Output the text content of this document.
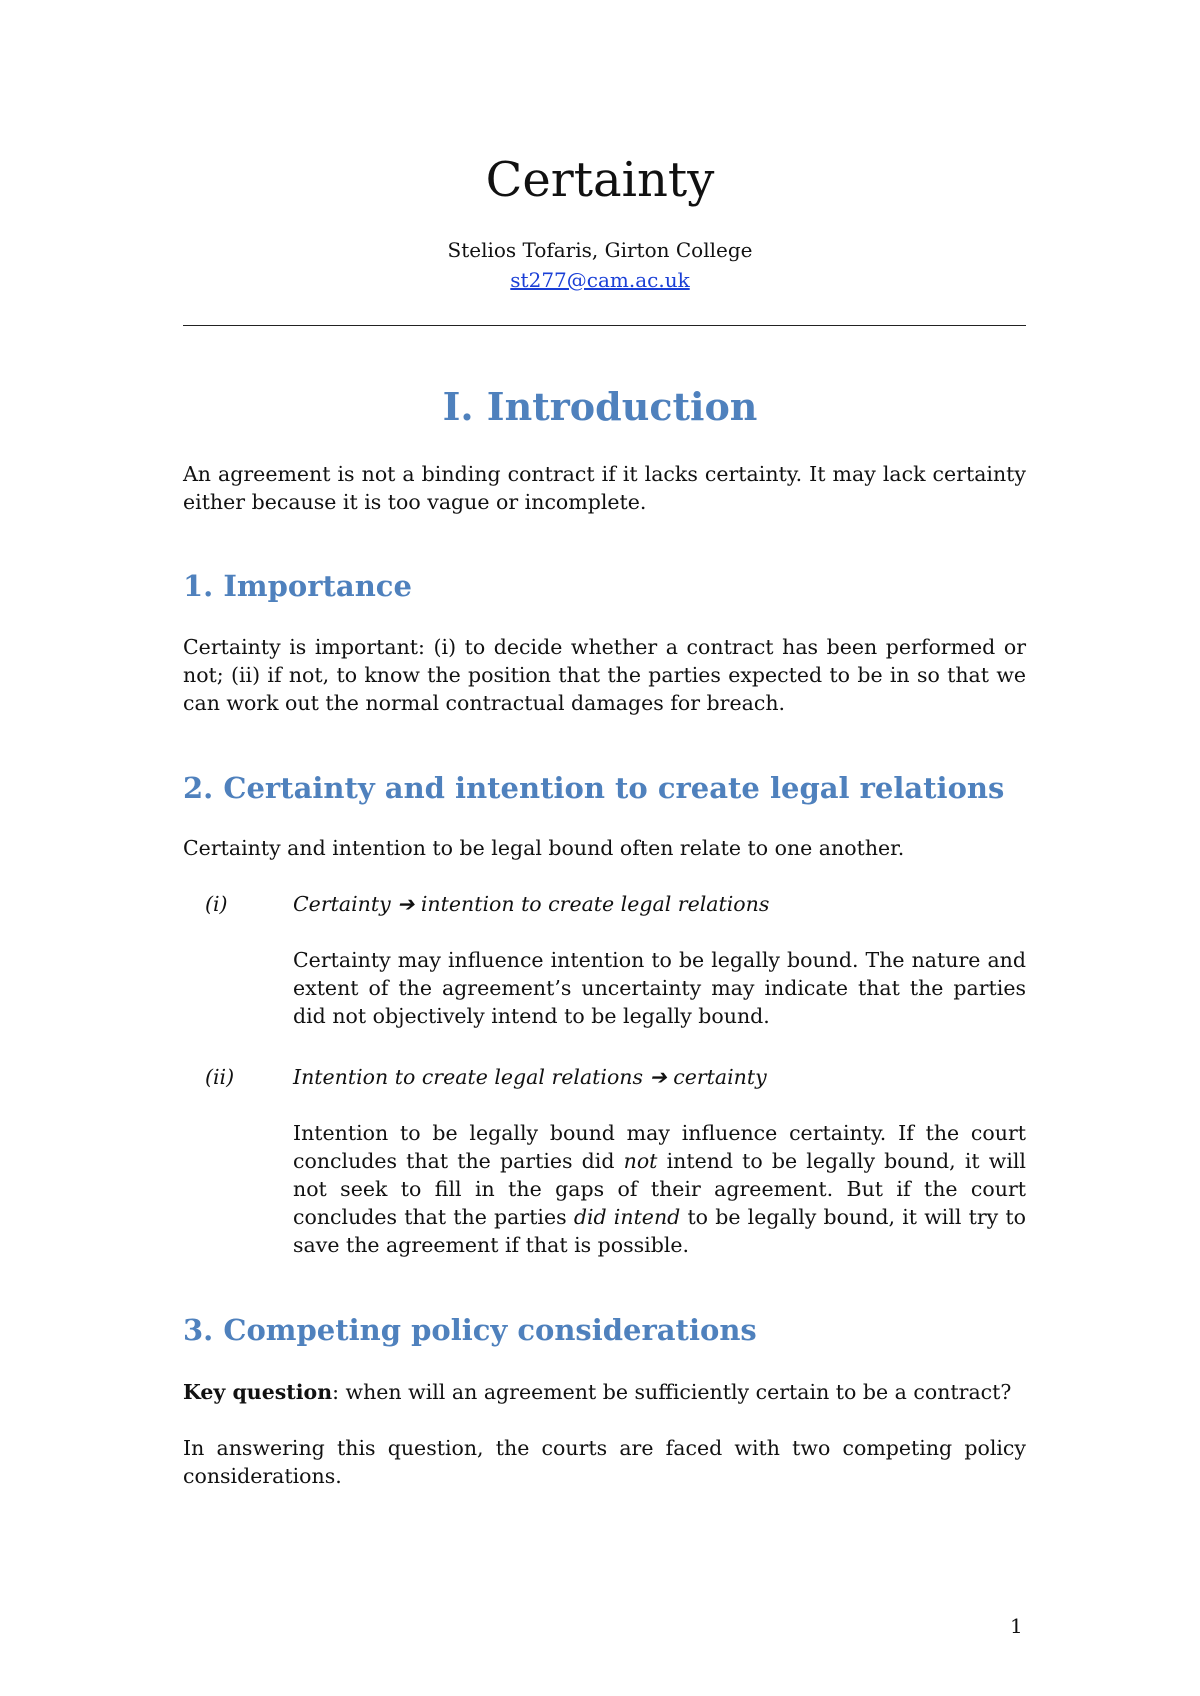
Certainty
Stelios Tofaris, Girton College
st277@cam.ac.uk
I. Introduction
An agreement is not a binding contract if it lacks certainty. It may lack certainty either because it is too vague or incomplete.
1. Importance
Certainty is important: (i) to decide whether a contract has been performed or not; (ii) if not, to know the position that the parties expected to be in so that we can work out the normal contractual damages for breach.
2. Certainty and intention to create legal relations
Certainty and intention to be legal bound often relate to one another.
(i)	Certainty ➔ intention to create legal relations
Certainty may influence intention to be legally bound. The nature and extent of the agreement’s uncertainty may indicate that the parties did not objectively intend to be legally bound.
(ii)	Intention to create legal relations ➔ certainty
Intention to be legally bound may influence certainty. If the court concludes that the parties did not intend to be legally bound, it will not seek to fill in the gaps of their agreement. But if the court concludes that the parties did intend to be legally bound, it will try to save the agreement if that is possible.
3. Competing policy considerations
Key question: when will an agreement be sufficiently certain to be a contract?
In answering this question, the courts are faced with two competing policy considerations.
1
